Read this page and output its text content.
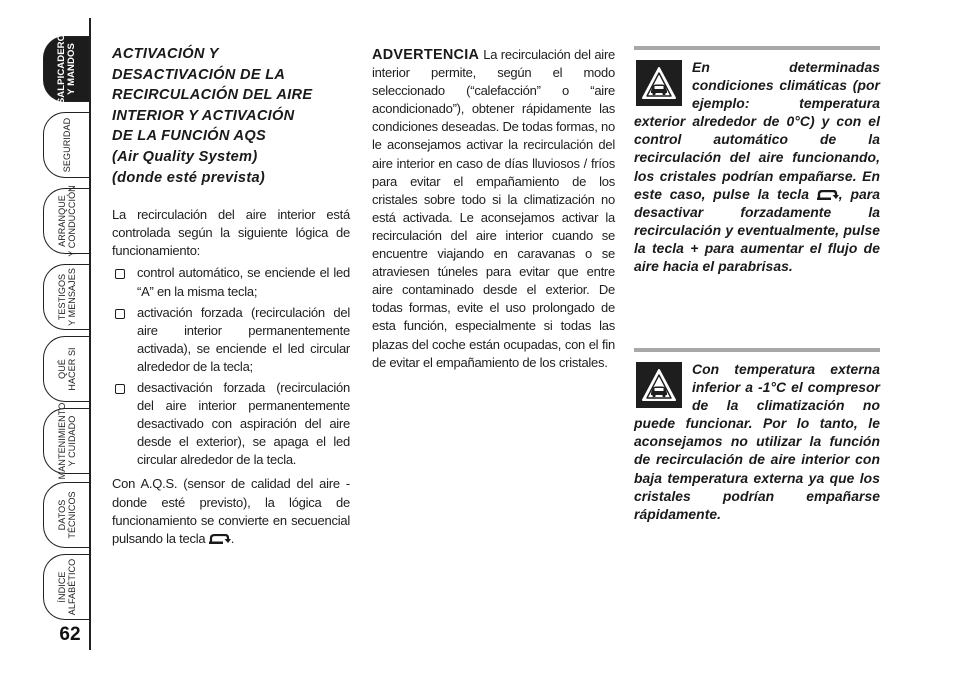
SALPICADERO
Y MANDOS
SEGURIDAD
ARRANQUE
Y CONDUCCIÓN
TESTIGOS
Y MENSAJES
QUÉ
HACER SI
MANTENIMIENTO
Y CUIDADO
DATOS
TÉCNICOS
ÍNDICE
ALFABÉTICO
62
ACTIVACIÓN Y
DESACTIVACIÓN DE LA
RECIRCULACIÓN DEL AIRE
INTERIOR Y ACTIVACIÓN
DE LA FUNCIÓN AQS
(Air Quality System)
(donde esté prevista)

La recirculación del aire interior está controlada según la siguiente lógica de funcionamiento:

control automático, se enciende el led “A” en la misma tecla;
activación forzada (recirculación del aire interior permanentemente activada), se enciende el led circular alrededor de la tecla;
desactivación forzada (recirculación del aire interior permanentemente desactivado con aspiración del aire desde el exterior), se apaga el led circular alrededor de la tecla.

Con A.Q.S. (sensor de calidad del aire - donde esté previsto), la lógica de funcionamiento se convierte en secuencial pulsando la tecla .

ADVERTENCIA La recirculación del aire interior permite, según el modo seleccionado (“calefacción” o “aire acondicionado”), obtener rápidamente las condiciones deseadas. De todas formas, no le aconsejamos activar la recirculación del aire interior en caso de días lluviosos / fríos para evitar el empañamiento de los cristales sobre todo si la climatización no está activada. Le aconsejamos activar la recirculación del aire interior cuando se encuentre viajando en caravanas o se atraviesen túneles para evitar que entre aire contaminado desde el exterior. De todas formas, evite el uso prolongado de esta función, especialmente si todas las plazas del coche están ocupadas, con el fin de evitar el empañamiento de los cristales.

En determinadas condiciones climáticas (por ejemplo: temperatura exterior alrededor de 0°C) y con el control automático de la recirculación del aire funcionando, los cristales podrían empañarse. En este caso, pulse la tecla , para desactivar forzadamente la recirculación y eventualmente, pulse la tecla + para aumentar el flujo de aire hacia el parabrisas.

Con temperatura externa inferior a -1°C el compresor de la climatización no puede funcionar. Por lo tanto, le aconsejamos no utilizar la función de recirculación de aire interior con baja temperatura externa ya que los cristales podrían empañarse rápidamente.
